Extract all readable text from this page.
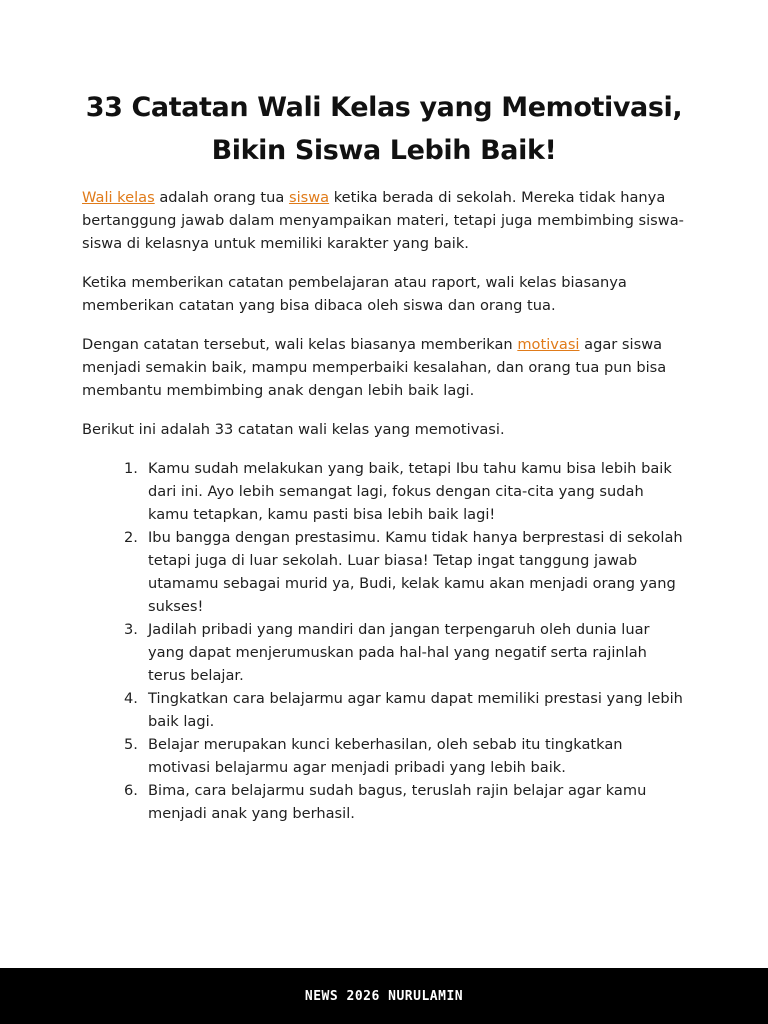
33 Catatan Wali Kelas yang Memotivasi, Bikin Siswa Lebih Baik!

Wali kelas adalah orang tua siswa ketika berada di sekolah. Mereka tidak hanya bertanggung jawab dalam menyampaikan materi, tetapi juga membimbing siswa-siswa di kelasnya untuk memiliki karakter yang baik.

Ketika memberikan catatan pembelajaran atau raport, wali kelas biasanya memberikan catatan yang bisa dibaca oleh siswa dan orang tua.

Dengan catatan tersebut, wali kelas biasanya memberikan motivasi agar siswa menjadi semakin baik, mampu memperbaiki kesalahan, dan orang tua pun bisa membantu membimbing anak dengan lebih baik lagi.

Berikut ini adalah 33 catatan wali kelas yang memotivasi.

1. Kamu sudah melakukan yang baik, tetapi Ibu tahu kamu bisa lebih baik dari ini. Ayo lebih semangat lagi, fokus dengan cita-cita yang sudah kamu tetapkan, kamu pasti bisa lebih baik lagi!
2. Ibu bangga dengan prestasimu. Kamu tidak hanya berprestasi di sekolah tetapi juga di luar sekolah. Luar biasa! Tetap ingat tanggung jawab utamamu sebagai murid ya, Budi, kelak kamu akan menjadi orang yang sukses!
3. Jadilah pribadi yang mandiri dan jangan terpengaruh oleh dunia luar yang dapat menjerumuskan pada hal-hal yang negatif serta rajinlah terus belajar.
4. Tingkatkan cara belajarmu agar kamu dapat memiliki prestasi yang lebih baik lagi.
5. Belajar merupakan kunci keberhasilan, oleh sebab itu tingkatkan motivasi belajarmu agar menjadi pribadi yang lebih baik.
6. Bima, cara belajarmu sudah bagus, teruslah rajin belajar agar kamu menjadi anak yang berhasil.
NEWS 2026 NURULAMIN
